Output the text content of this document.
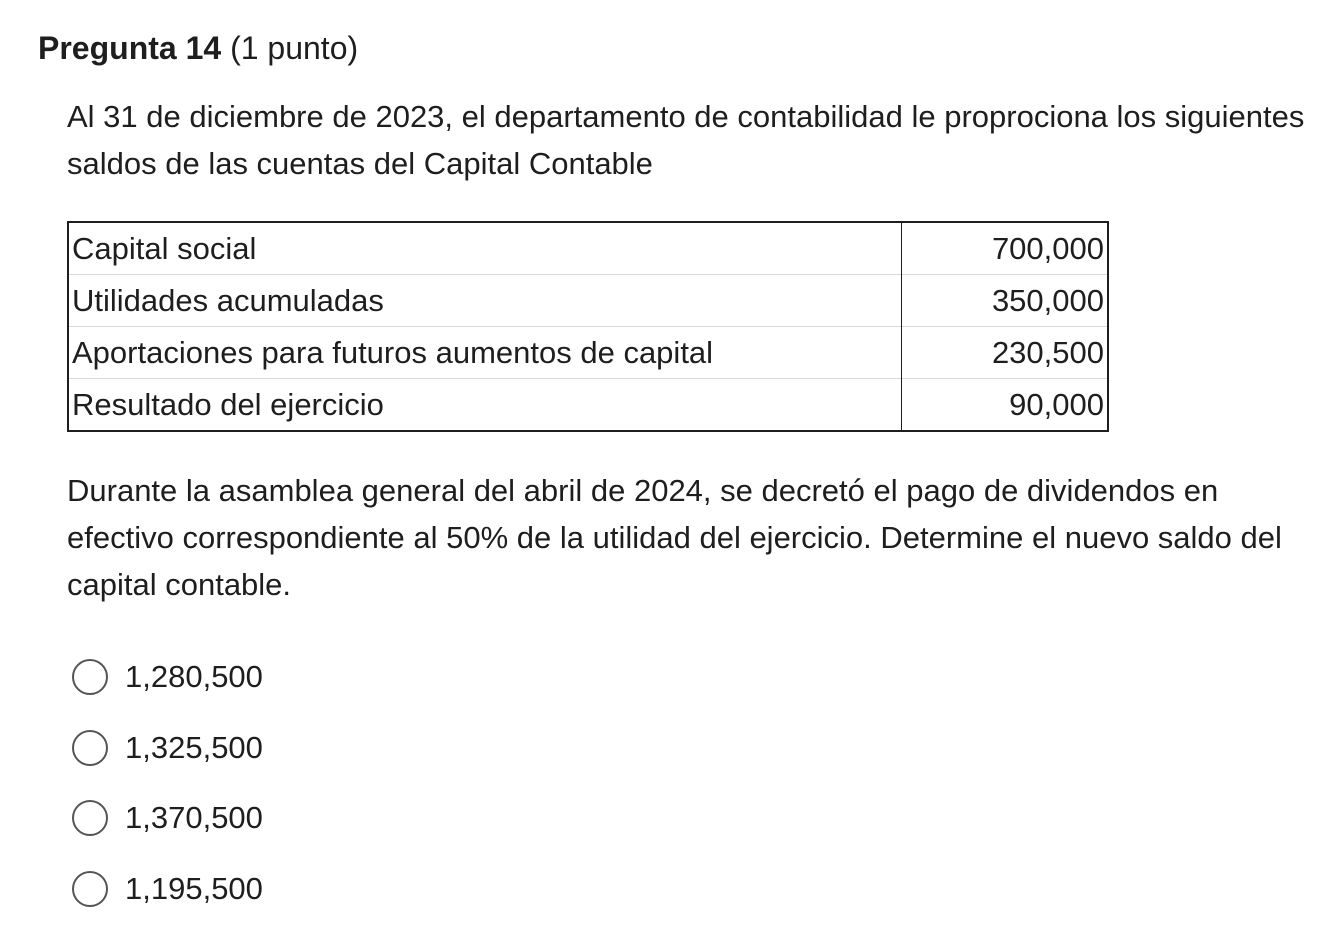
Pregunta 14 (1 punto)
Al 31 de diciembre de 2023, el departamento de contabilidad le proprociona los siguientes saldos de las cuentas del Capital Contable
Capital social	700,000
Utilidades acumuladas	350,000
Aportaciones para futuros aumentos de capital	230,500
Resultado del ejercicio	90,000
Durante la asamblea general del abril de 2024, se decretó el pago de dividendos en efectivo correspondiente al 50% de la utilidad del ejercicio. Determine el nuevo saldo del capital contable.
1,280,500
1,325,500
1,370,500
1,195,500
